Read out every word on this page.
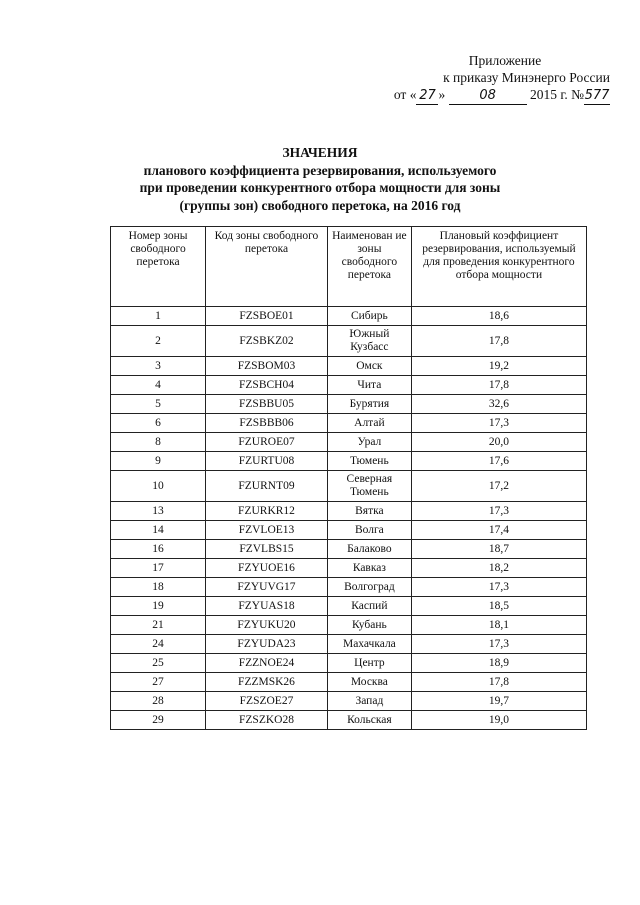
Приложение
к приказу Минэнерго России
от « 27 »	08	2015 г. №577
ЗНАЧЕНИЯ
планового коэффициента резервирования, используемого
при проведении конкурентного отбора мощности для зоны
(группы зон) свободного перетока, на 2016 год
Номер зоны свободного перетока	Код зоны свободного перетока	Наименован ие зоны свободного перетока	Плановый коэффициент резервирования, используемый для проведения конкурентного отбора мощности
1	FZSBOE01	Сибирь	18,6
2	FZSBKZ02	Южный Кузбасс	17,8
3	FZSBOM03	Омск	19,2
4	FZSBCH04	Чита	17,8
5	FZSBBU05	Бурятия	32,6
6	FZSBBB06	Алтай	17,3
8	FZUROE07	Урал	20,0
9	FZURTU08	Тюмень	17,6
10	FZURNT09	Северная Тюмень	17,2
13	FZURKR12	Вятка	17,3
14	FZVLOE13	Волга	17,4
16	FZVLBS15	Балаково	18,7
17	FZYUOE16	Кавказ	18,2
18	FZYUVG17	Волгоград	17,3
19	FZYUAS18	Каспий	18,5
21	FZYUKU20	Кубань	18,1
24	FZYUDA23	Махачкала	17,3
25	FZZNOE24	Центр	18,9
27	FZZMSK26	Москва	17,8
28	FZSZOE27	Запад	19,7
29	FZSZKO28	Кольская	19,0
